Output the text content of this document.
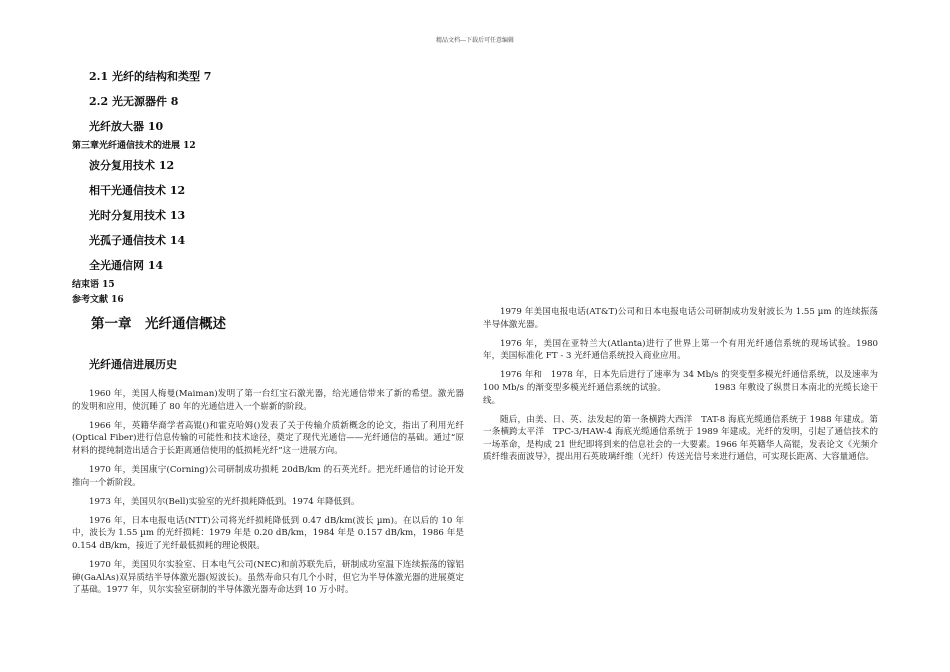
精品文档---下载后可任意编辑
2.1 光纤的结构和类型 7
2.2 光无源器件 8
光纤放大器 10
第三章光纤通信技术的进展 12
波分复用技术 12
相干光通信技术 12
光时分复用技术 13
光孤子通信技术 14
全光通信网 14
结束语 15
参考文献 16
第一章　光纤通信概述
光纤通信进展历史

1960 年，美国人梅曼(Maiman)发明了第一台红宝石激光器，给光通信带来了新的希望。激光器的发明和应用，使沉睡了 80 年的光通信进入一个崭新的阶段。

1966 年，英籍华裔学者高锟()和霍克哈姆()发表了关于传输介质新概念的论文，指出了利用光纤(Optical Fiber)进行信息传输的可能性和技术途径，奠定了现代光通信——光纤通信的基础。通过“原材料的提纯制造出适合于长距离通信使用的低损耗光纤”这一进展方向。

1970 年，美国康宁(Corning)公司研制成功损耗 20dB/km 的石英光纤。把光纤通信的讨论开发推向一个新阶段。

1973 年，美国贝尔(Bell)实验室的光纤损耗降低到。1974 年降低到。

1976 年，日本电报电话(NTT)公司将光纤损耗降低到 0.47 dB/km(波长 µm)。在以后的 10 年中，波长为 1.55 µm 的光纤损耗：1979 年是 0.20 dB/km，1984 年是 0.157 dB/km，1986 年是 0.154 dB/km，接近了光纤最低损耗的理论极限。

1970 年，美国贝尔实验室、日本电气公司(NEC)和前苏联先后，研制成功室温下连续振荡的镓铝砷(GaAlAs)双异质结半导体激光器(短波长)。虽然寿命只有几个小时，但它为半导体激光器的进展奠定了基础。1977 年，贝尔实验室研制的半导体激光器寿命达到 10 万小时。

1979 年美国电报电话(AT&T)公司和日本电报电话公司研制成功发射波长为 1.55 µm 的连续振荡半导体激光器。

1976 年，美国在亚特兰大(Atlanta)进行了世界上第一个有用光纤通信系统的现场试验。1980 年，美国标准化 FT - 3 光纤通信系统投入商业应用。

1976 年和　1978 年，日本先后进行了速率为 34 Mb/s 的突变型多模光纤通信系统，以及速率为 100 Mb/s 的渐变型多模光纤通信系统的试验。　　　　　　1983 年敷设了纵贯日本南北的光缆长途干线。

随后，由美、日、英、法发起的第一条横跨大西洋　TAT-8 海底光缆通信系统于 1988 年建成。第一条横跨太平洋　TPC-3/HAW-4 海底光缆通信系统于 1989 年建成。光纤的发明，引起了通信技术的一场革命，是构成 21 世纪即将到来的信息社会的一大要素。1966 年英籍华人高锟，发表论文《光频介质纤维表面波导》，提出用石英玻璃纤维（光纤）传送光信号来进行通信，可实现长距离、大容量通信。
